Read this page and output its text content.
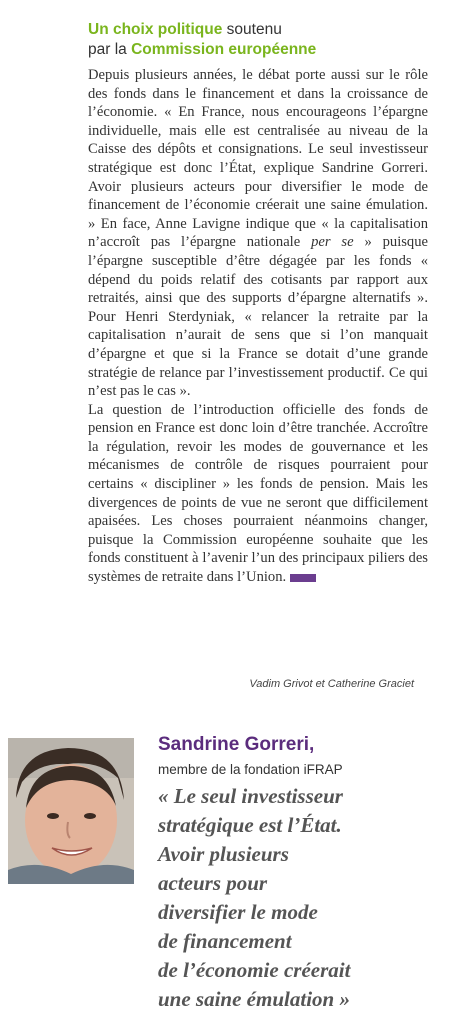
Un choix politique soutenu
par la Commission européenne

Depuis plusieurs années, le débat porte aussi sur le rôle des fonds dans le financement et dans la croissance de l’économie. « En France, nous encourageons l’épargne individuelle, mais elle est centralisée au niveau de la Caisse des dépôts et consignations. Le seul investisseur stratégique est donc l’État, explique Sandrine Gorreri. Avoir plusieurs acteurs pour diversifier le mode de financement de l’économie créerait une saine émulation. » En face, Anne Lavigne indique que « la capitalisation n’accroît pas l’épargne nationale per se » puisque l’épargne susceptible d’être dégagée par les fonds « dépend du poids relatif des cotisants par rapport aux retraités, ainsi que des supports d’épargne alternatifs ». Pour Henri Sterdyniak, « relancer la retraite par la capitalisation n’aurait de sens que si l’on manquait d’épargne et que si la France se dotait d’une grande stratégie de relance par l’investissement productif. Ce qui n’est pas le cas ».

La question de l’introduction officielle des fonds de pension en France est donc loin d’être tranchée. Accroître la régulation, revoir les modes de gouvernance et les mécanismes de contrôle de risques pourraient pour certains « discipliner » les fonds de pension. Mais les divergences de points de vue ne seront que difficilement apaisées. Les choses pourraient néanmoins changer, puisque la Commission européenne souhaite que les fonds constituent à l’avenir l’un des principaux piliers des systèmes de retraite dans l’Union.

Vadim Grivot et Catherine Graciet
Sandrine Gorreri,
membre de la fondation iFRAP
« Le seul investisseur
stratégique est l’État.
Avoir plusieurs
acteurs pour
diversifier le mode
de financement
de l’économie créerait
une saine émulation »
